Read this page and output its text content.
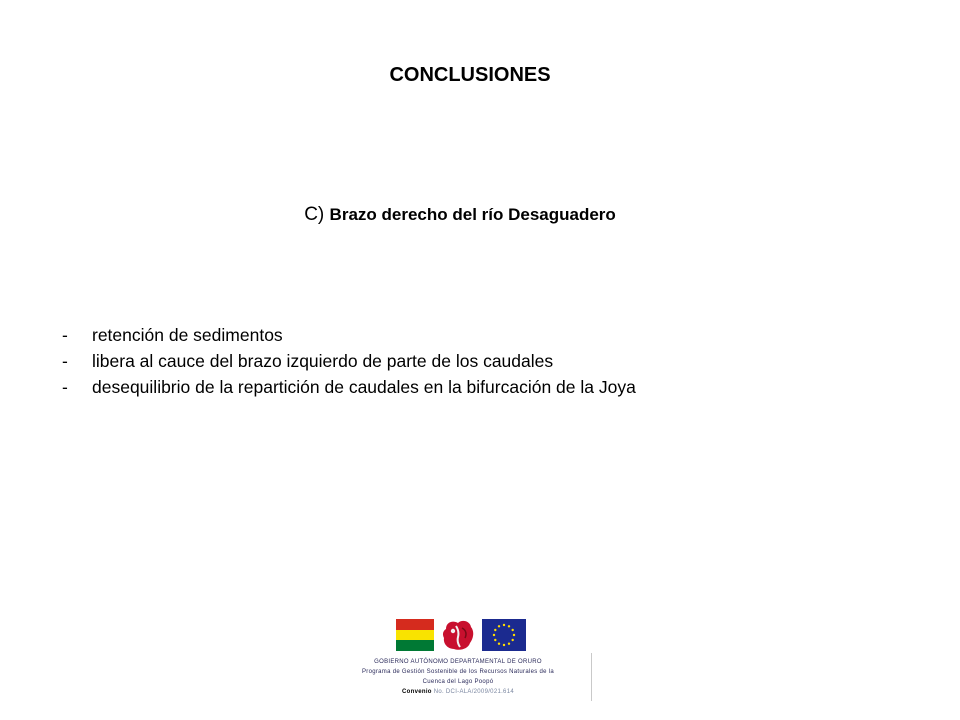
CONCLUSIONES
C) Brazo derecho del río Desaguadero
-	retención de sedimentos
-	libera al cauce del brazo izquierdo de parte de los caudales
-	desequilibrio de la repartición de caudales en la bifurcación de la Joya
GOBIERNO AUTÓNOMO DEPARTAMENTAL DE ORURO
Programa de Gestión Sostenible de los Recursos Naturales de la
Cuenca del Lago Poopó
Convenio No. DCI-ALA/2009/021.614
